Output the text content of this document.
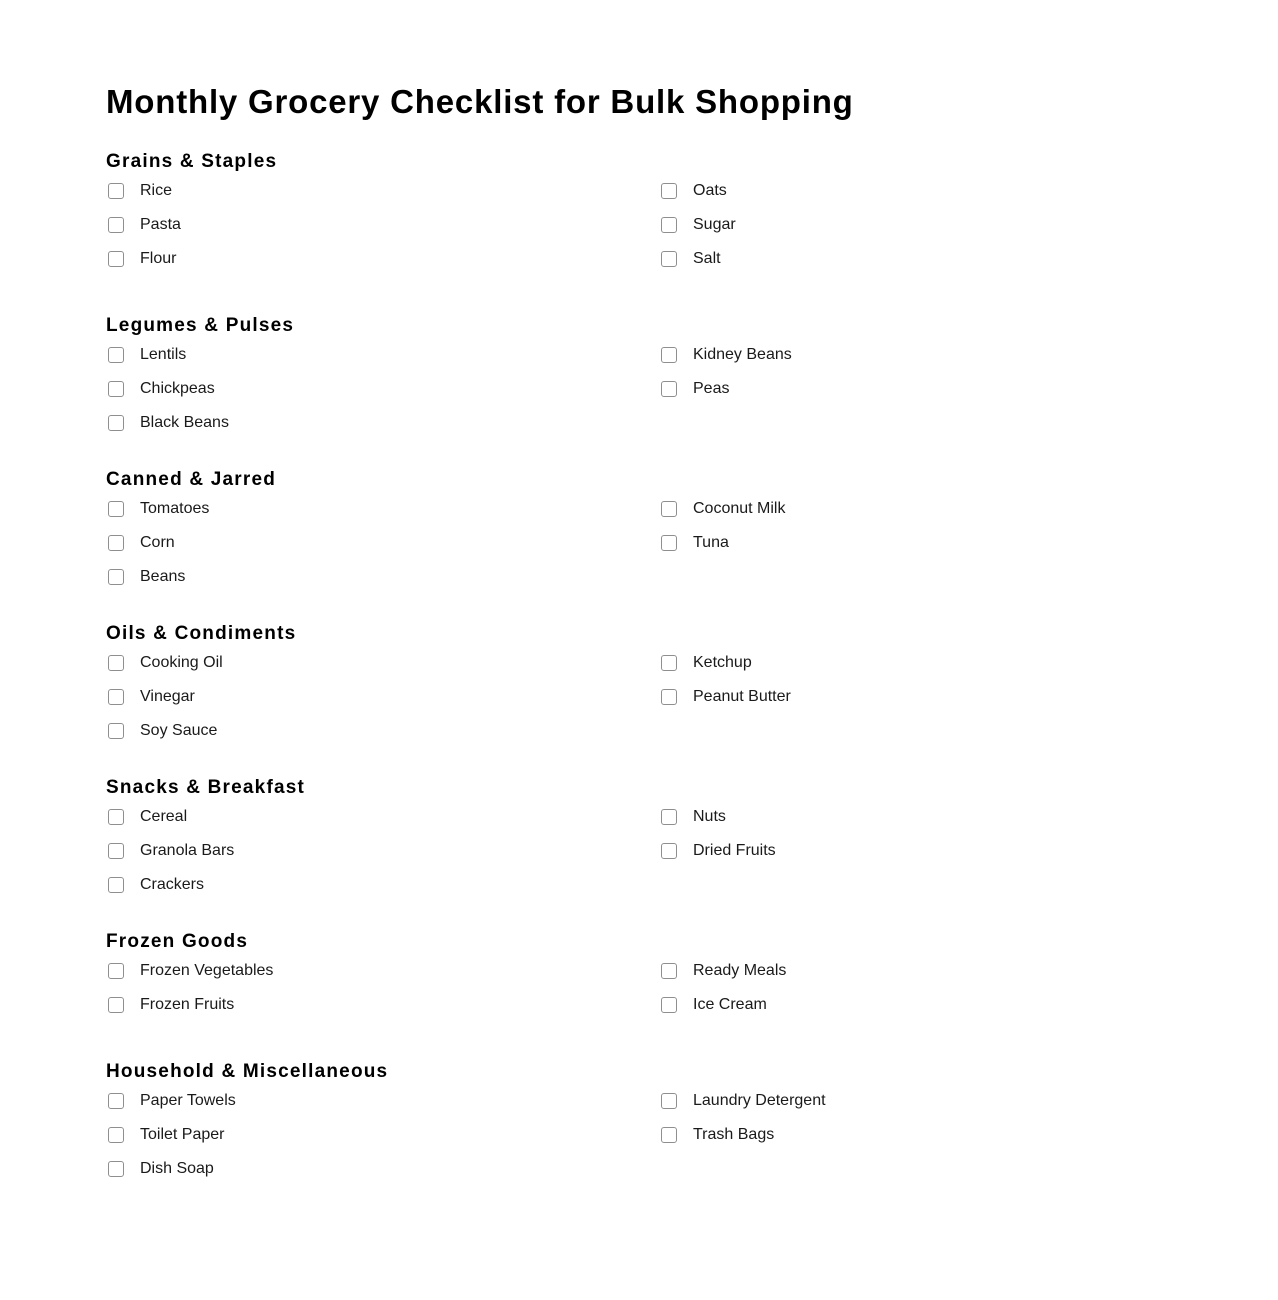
Monthly Grocery Checklist for Bulk Shopping
Grains & Staples
Rice
Pasta
Flour
Oats
Sugar
Salt
Legumes & Pulses
Lentils
Chickpeas
Black Beans
Kidney Beans
Peas
Canned & Jarred
Tomatoes
Corn
Beans
Coconut Milk
Tuna
Oils & Condiments
Cooking Oil
Vinegar
Soy Sauce
Ketchup
Peanut Butter
Snacks & Breakfast
Cereal
Granola Bars
Crackers
Nuts
Dried Fruits
Frozen Goods
Frozen Vegetables
Frozen Fruits
Ready Meals
Ice Cream
Household & Miscellaneous
Paper Towels
Toilet Paper
Dish Soap
Laundry Detergent
Trash Bags
